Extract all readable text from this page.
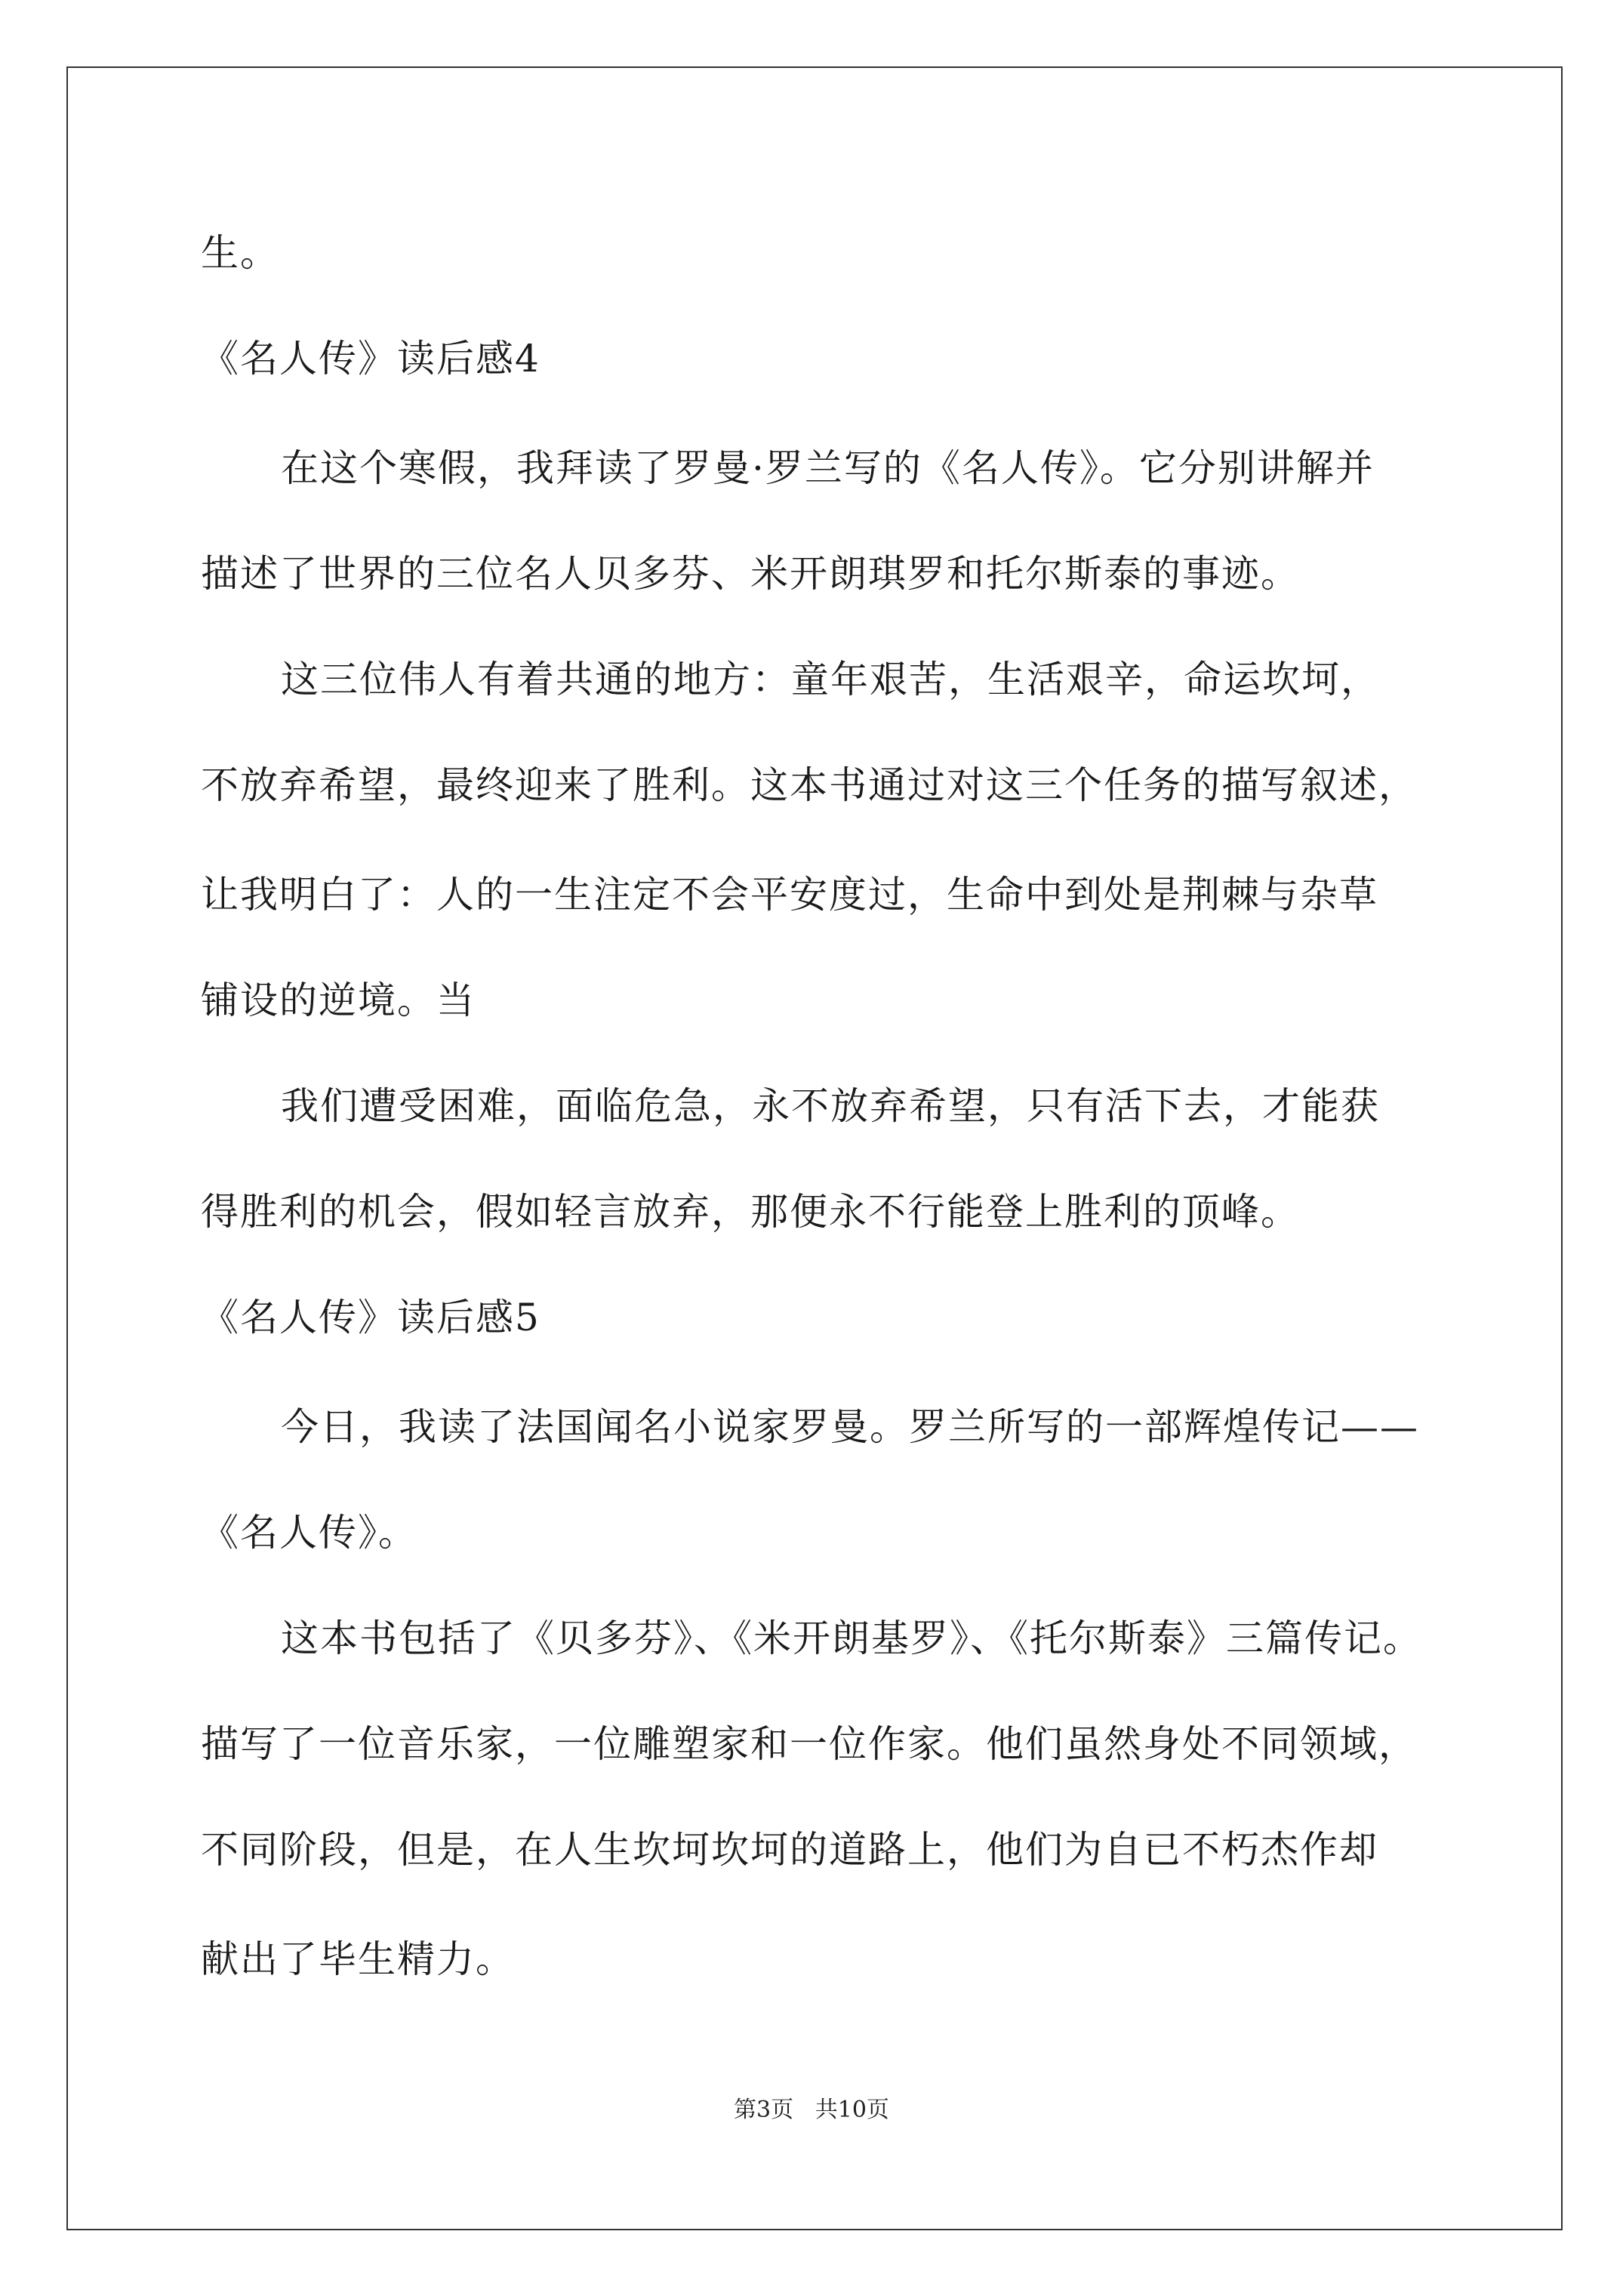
生。
《名人传》读后感4
在这个寒假，我拜读了罗曼·罗兰写的《名人传》。它分别讲解并
描述了世界的三位名人贝多芬、米开朗琪罗和托尔斯泰的事迹。
这三位伟人有着共通的地方：童年艰苦，生活艰辛，命运坎坷，
不放弃希望，最终迎来了胜利。这本书通过对这三个任务的描写叙述，
让我明白了：人的一生注定不会平安度过，生命中到处是荆棘与杂草
铺设的逆境。当
我们遭受困难，面临危急，永不放弃希望，只有活下去，才能获
得胜利的机会，假如轻言放弃，那便永不行能登上胜利的顶峰。
《名人传》读后感5
今日，我读了法国闻名小说家罗曼。罗兰所写的一部辉煌传记——
《名人传》。
这本书包括了《贝多芬》、《米开朗基罗》、《托尔斯泰》三篇传记。
描写了一位音乐家，一位雕塑家和一位作家。他们虽然身处不同领域，
不同阶段，但是，在人生坎坷坎坷的道路上，他们为自已不朽杰作却
献出了毕生精力。
第3页 共10页
